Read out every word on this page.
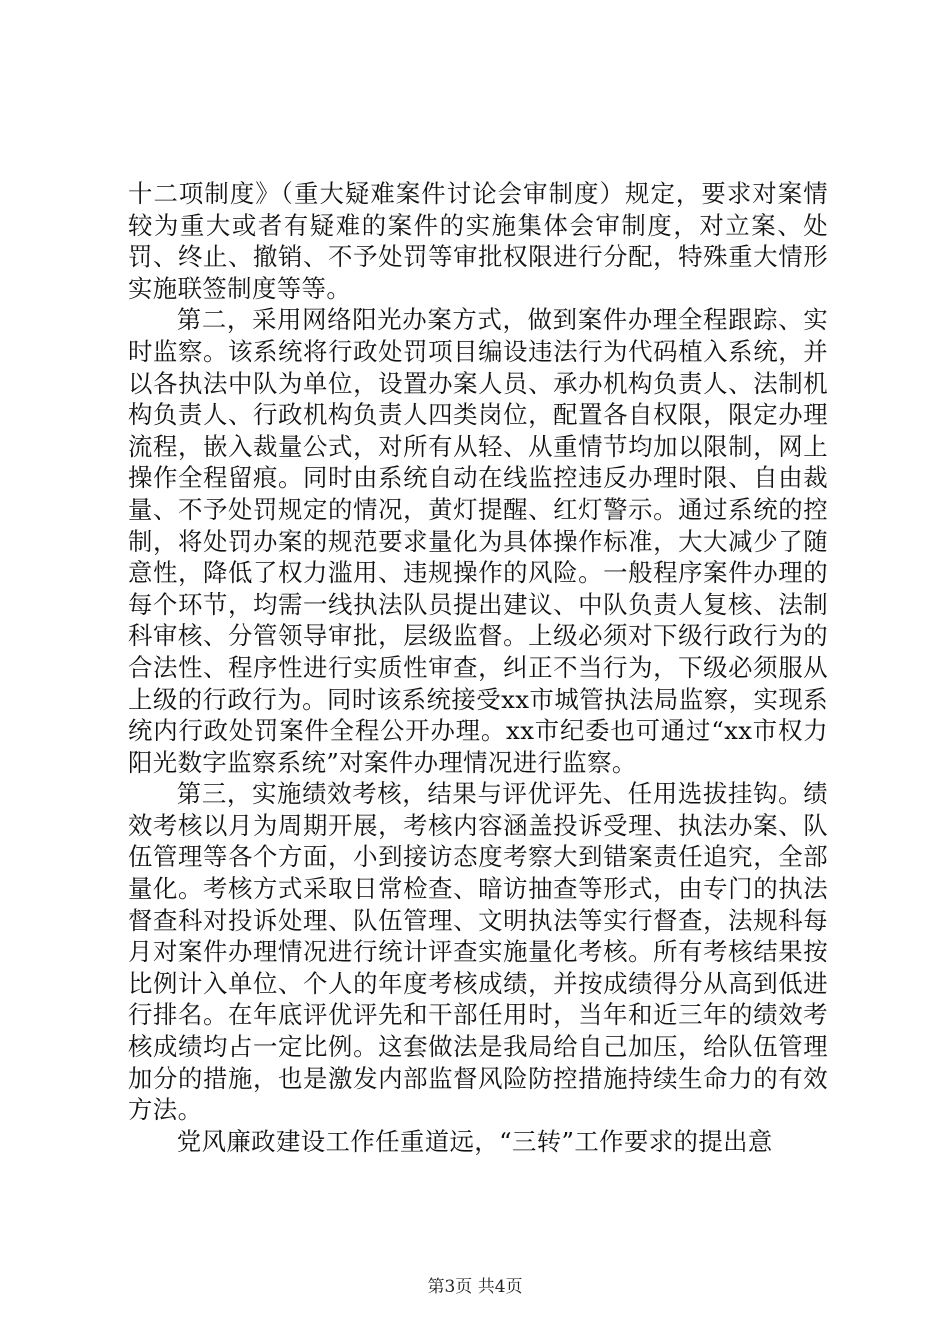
十二项制度》（重大疑难案件讨论会审制度）规定，要求对案情较为重大或者有疑难的案件的实施集体会审制度，对立案、处罚、终止、撤销、不予处罚等审批权限进行分配，特殊重大情形实施联签制度等等。

第二，采用网络阳光办案方式，做到案件办理全程跟踪、实时监察。该系统将行政处罚项目编设违法行为代码植入系统，并以各执法中队为单位，设置办案人员、承办机构负责人、法制机构负责人、行政机构负责人四类岗位，配置各自权限，限定办理流程，嵌入裁量公式，对所有从轻、从重情节均加以限制，网上操作全程留痕。同时由系统自动在线监控违反办理时限、自由裁量、不予处罚规定的情况，黄灯提醒、红灯警示。通过系统的控制，将处罚办案的规范要求量化为具体操作标准，大大减少了随意性，降低了权力滥用、违规操作的风险。一般程序案件办理的每个环节，均需一线执法队员提出建议、中队负责人复核、法制科审核、分管领导审批，层级监督。上级必须对下级行政行为的合法性、程序性进行实质性审查，纠正不当行为，下级必须服从上级的行政行为。同时该系统接受xx市城管执法局监察，实现系统内行政处罚案件全程公开办理。xx市纪委也可通过“xx市权力阳光数字监察系统”对案件办理情况进行监察。

第三，实施绩效考核，结果与评优评先、任用选拔挂钩。绩效考核以月为周期开展，考核内容涵盖投诉受理、执法办案、队伍管理等各个方面，小到接访态度考察大到错案责任追究，全部量化。考核方式采取日常检查、暗访抽查等形式，由专门的执法督查科对投诉处理、队伍管理、文明执法等实行督查，法规科每月对案件办理情况进行统计评查实施量化考核。所有考核结果按比例计入单位、个人的年度考核成绩，并按成绩得分从高到低进行排名。在年底评优评先和干部任用时，当年和近三年的绩效考核成绩均占一定比例。这套做法是我局给自己加压，给队伍管理加分的措施，也是激发内部监督风险防控措施持续生命力的有效方法。

党风廉政建设工作任重道远，“三转”工作要求的提出意

第3页 共4页
